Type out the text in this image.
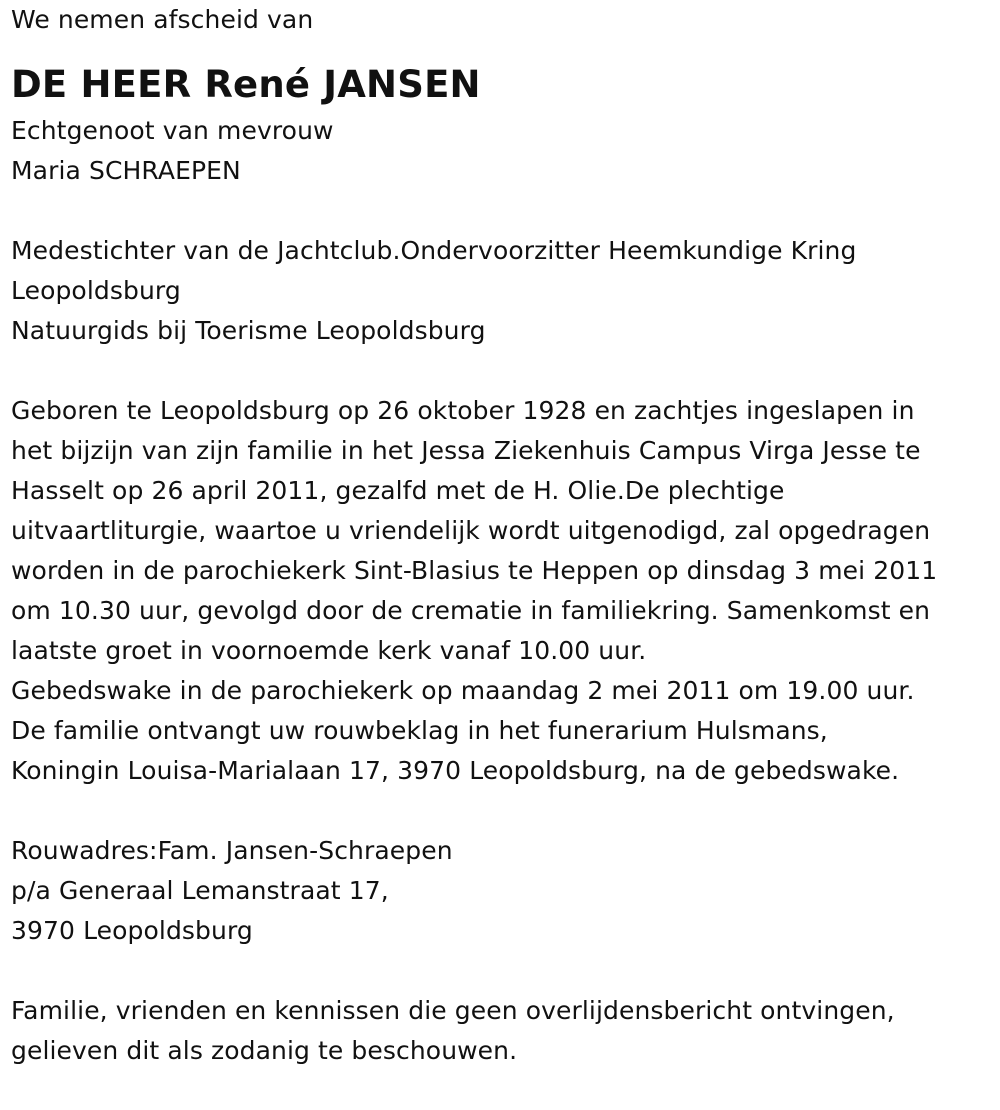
We nemen afscheid van
DE HEER René JANSEN
Echtgenoot van mevrouw
Maria SCHRAEPEN
Medestichter van de Jachtclub.Ondervoorzitter Heemkundige Kring
Leopoldsburg
Natuurgids bij Toerisme Leopoldsburg
Geboren te Leopoldsburg op 26 oktober 1928 en zachtjes ingeslapen in
het bijzijn van zijn familie in het Jessa Ziekenhuis Campus Virga Jesse te
Hasselt op 26 april 2011, gezalfd met de H. Olie.De plechtige
uitvaartliturgie, waartoe u vriendelijk wordt uitgenodigd, zal opgedragen
worden in de parochiekerk Sint-Blasius te Heppen op dinsdag 3 mei 2011
om 10.30 uur, gevolgd door de crematie in familiekring. Samenkomst en
laatste groet in voornoemde kerk vanaf 10.00 uur.
Gebedswake in de parochiekerk op maandag 2 mei 2011 om 19.00 uur.
De familie ontvangt uw rouwbeklag in het funerarium Hulsmans,
Koningin Louisa-Marialaan 17, 3970 Leopoldsburg, na de gebedswake.
Rouwadres:Fam. Jansen-Schraepen
p/a Generaal Lemanstraat 17,
3970 Leopoldsburg
Familie, vrienden en kennissen die geen overlijdensbericht ontvingen,
gelieven dit als zodanig te beschouwen.
